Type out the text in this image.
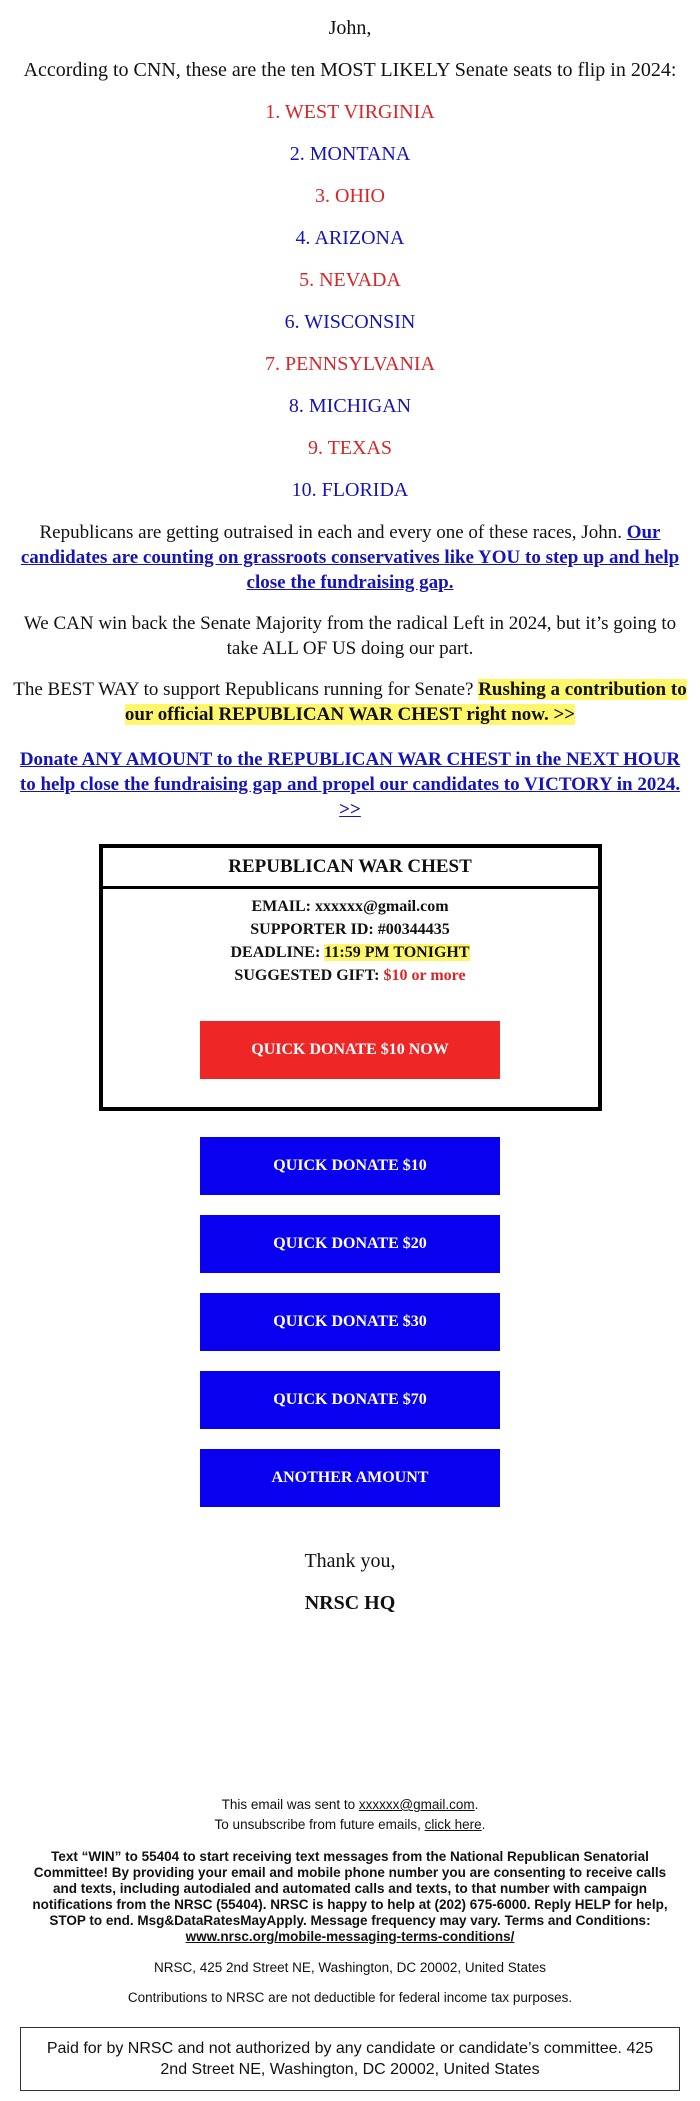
John,

According to CNN, these are the ten MOST LIKELY Senate seats to flip in 2024:

1. WEST VIRGINIA
2. MONTANA
3. OHIO
4. ARIZONA
5. NEVADA
6. WISCONSIN
7. PENNSYLVANIA
8. MICHIGAN
9. TEXAS
10. FLORIDA

Republicans are getting outraised in each and every one of these races, John. Our candidates are counting on grassroots conservatives like YOU to step up and help close the fundraising gap.

We CAN win back the Senate Majority from the radical Left in 2024, but it’s going to take ALL OF US doing our part.

The BEST WAY to support Republicans running for Senate? Rushing a contribution to our official REPUBLICAN WAR CHEST right now. >>

Donate ANY AMOUNT to the REPUBLICAN WAR CHEST in the NEXT HOUR to help close the fundraising gap and propel our candidates to VICTORY in 2024. >>
REPUBLICAN WAR CHEST
EMAIL: xxxxxx@gmail.com
SUPPORTER ID: #00344435
DEADLINE: 11:59 PM TONIGHT
SUGGESTED GIFT: $10 or more
QUICK DONATE $10 NOW
QUICK DONATE $10
QUICK DONATE $20
QUICK DONATE $30
QUICK DONATE $70
ANOTHER AMOUNT
Thank you,
NRSC HQ
This email was sent to xxxxxx@gmail.com.
To unsubscribe from future emails, click here.
Text “WIN” to 55404 to start receiving text messages from the National Republican Senatorial Committee! By providing your email and mobile phone number you are consenting to receive calls and texts, including autodialed and automated calls and texts, to that number with campaign notifications from the NRSC (55404). NRSC is happy to help at (202) 675-6000. Reply HELP for help, STOP to end. Msg&DataRatesMayApply. Message frequency may vary. Terms and Conditions:
www.nrsc.org/mobile-messaging-terms-conditions/
NRSC, 425 2nd Street NE, Washington, DC 20002, United States
Contributions to NRSC are not deductible for federal income tax purposes.
Paid for by NRSC and not authorized by any candidate or candidate’s committee. 425 2nd Street NE, Washington, DC 20002, United States
